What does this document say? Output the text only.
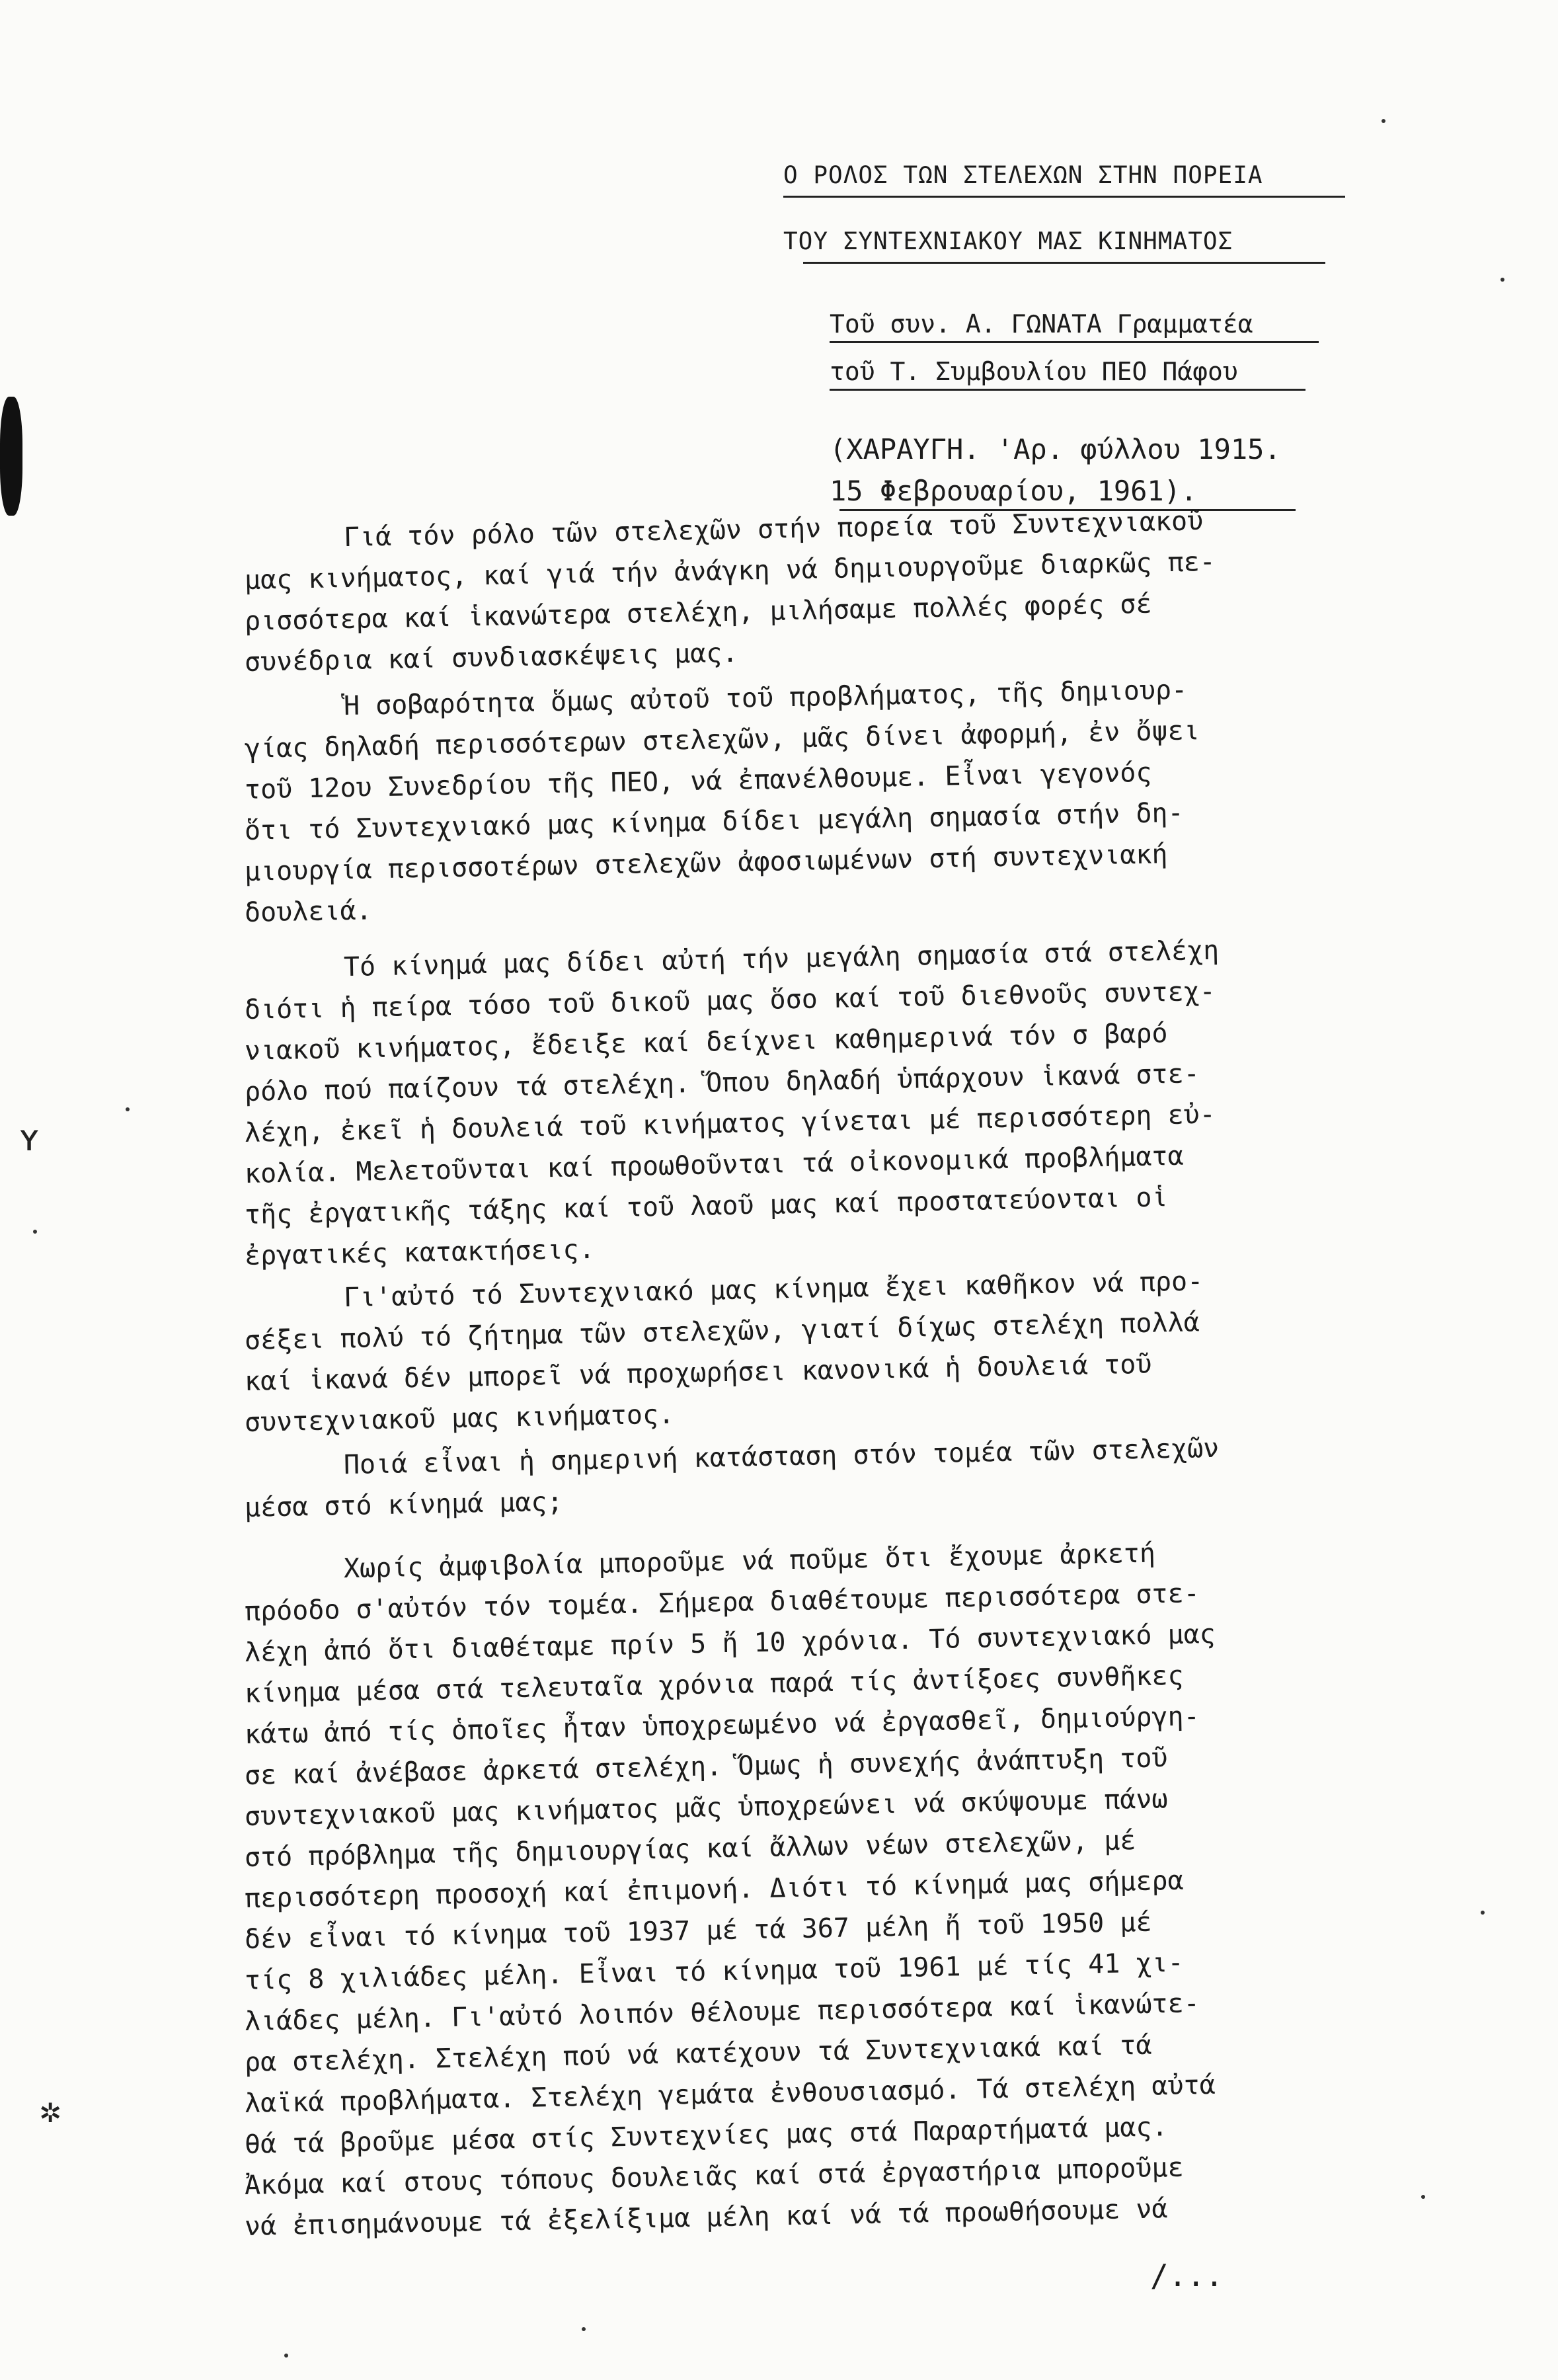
ʏ
✲
Ο ΡΟΛΟΣ ΤΩΝ ΣΤΕΛΕΧΩΝ ΣΤΗΝ ΠΟΡΕΙΑ
ΤΟΥ ΣΥΝΤΕΧΝΙΑΚΟΥ ΜΑΣ ΚΙΝΗΜΑΤΟΣ
Τοῦ συν. Α. ΓΩΝΑΤΑ Γραμματέα
τοῦ Τ. Συμβουλίου ΠΕΟ Πάφου
(ΧΑΡΑΥΓΗ. 'Αρ. φύλλου 1915.
15 Φεβρουαρίου, 1961).
Γιά τόν ρόλο τῶν στελεχῶν στήν πορεία τοῦ Συντεχνιακοῦ
μας κινήματος, καί γιά τήν ἀνάγκη νά δημιουργοῦμε διαρκῶς πε-
ρισσότερα καί ἱκανώτερα στελέχη, μιλήσαμε πολλές φορές σέ
συνέδρια καί συνδιασκέψεις μας.
Ἡ σοβαρότητα ὅμως αὐτοῦ τοῦ προβλήματος, τῆς δημιουρ-
γίας δηλαδή περισσότερων στελεχῶν, μᾶς δίνει ἀφορμή, ἐν ὄψει
τοῦ 12ου Συνεδρίου τῆς ΠΕΟ, νά ἐπανέλθουμε. Εἶναι γεγονός
ὅτι τό Συντεχνιακό μας κίνημα δίδει μεγάλη σημασία στήν δη-
μιουργία περισσοτέρων στελεχῶν ἀφοσιωμένων στή συντεχνιακή
δουλειά.
Τό κίνημά μας δίδει αὐτή τήν μεγάλη σημασία στά στελέχη
διότι ἡ πείρα τόσο τοῦ δικοῦ μας ὅσο καί τοῦ διεθνοῦς συντεχ-
νιακοῦ κινήματος, ἔδειξε καί δείχνει καθημερινά τόν σ βαρό
ρόλο πού παίζουν τά στελέχη. Ὅπου δηλαδή ὑπάρχουν ἱκανά στε-
λέχη, ἐκεῖ ἡ δουλειά τοῦ κινήματος γίνεται μέ περισσότερη εὐ-
κολία. Μελετοῦνται καί προωθοῦνται τά οἰκονομικά προβλήματα
τῆς ἐργατικῆς τάξης καί τοῦ λαοῦ μας καί προστατεύονται οἱ
ἐργατικές κατακτήσεις.
Γι'αὐτό τό Συντεχνιακό μας κίνημα ἔχει καθῆκον νά προ-
σέξει πολύ τό ζήτημα τῶν στελεχῶν, γιατί δίχως στελέχη πολλά
καί ἱκανά δέν μπορεῖ νά προχωρήσει κανονικά ἡ δουλειά τοῦ
συντεχνιακοῦ μας κινήματος.
Ποιά εἶναι ἡ σημερινή κατάσταση στόν τομέα τῶν στελεχῶν
μέσα στό κίνημά μας;
Χωρίς ἀμφιβολία μποροῦμε νά ποῦμε ὅτι ἔχουμε ἀρκετή
πρόοδο σ'αὐτόν τόν τομέα. Σήμερα διαθέτουμε περισσότερα στε-
λέχη ἀπό ὅτι διαθέταμε πρίν 5 ἤ 10 χρόνια. Τό συντεχνιακό μας
κίνημα μέσα στά τελευταῖα χρόνια παρά τίς ἀντίξοες συνθῆκες
κάτω ἀπό τίς ὁποῖες ἦταν ὑποχρεωμένο νά ἐργασθεῖ, δημιούργη-
σε καί ἀνέβασε ἀρκετά στελέχη. Ὅμως ἡ συνεχής ἀνάπτυξη τοῦ
συντεχνιακοῦ μας κινήματος μᾶς ὑποχρεώνει νά σκύψουμε πάνω
στό πρόβλημα τῆς δημιουργίας καί ἄλλων νέων στελεχῶν, μέ
περισσότερη προσοχή καί ἐπιμονή. Διότι τό κίνημά μας σήμερα
δέν εἶναι τό κίνημα τοῦ 1937 μέ τά 367 μέλη ἤ τοῦ 1950 μέ
τίς 8 χιλιάδες μέλη. Εἶναι τό κίνημα τοῦ 1961 μέ τίς 41 χι-
λιάδες μέλη. Γι'αὐτό λοιπόν θέλουμε περισσότερα καί ἱκανώτε-
ρα στελέχη. Στελέχη πού νά κατέχουν τά Συντεχνιακά καί τά
λαϊκά προβλήματα. Στελέχη γεμάτα ἐνθουσιασμό. Τά στελέχη αὐτά
θά τά βροῦμε μέσα στίς Συντεχνίες μας στά Παραρτήματά μας.
Ἀκόμα καί στους τόπους δουλειᾶς καί στά ἐργαστήρια μποροῦμε
νά ἐπισημάνουμε τά ἐξελίξιμα μέλη καί νά τά προωθήσουμε νά
/...
